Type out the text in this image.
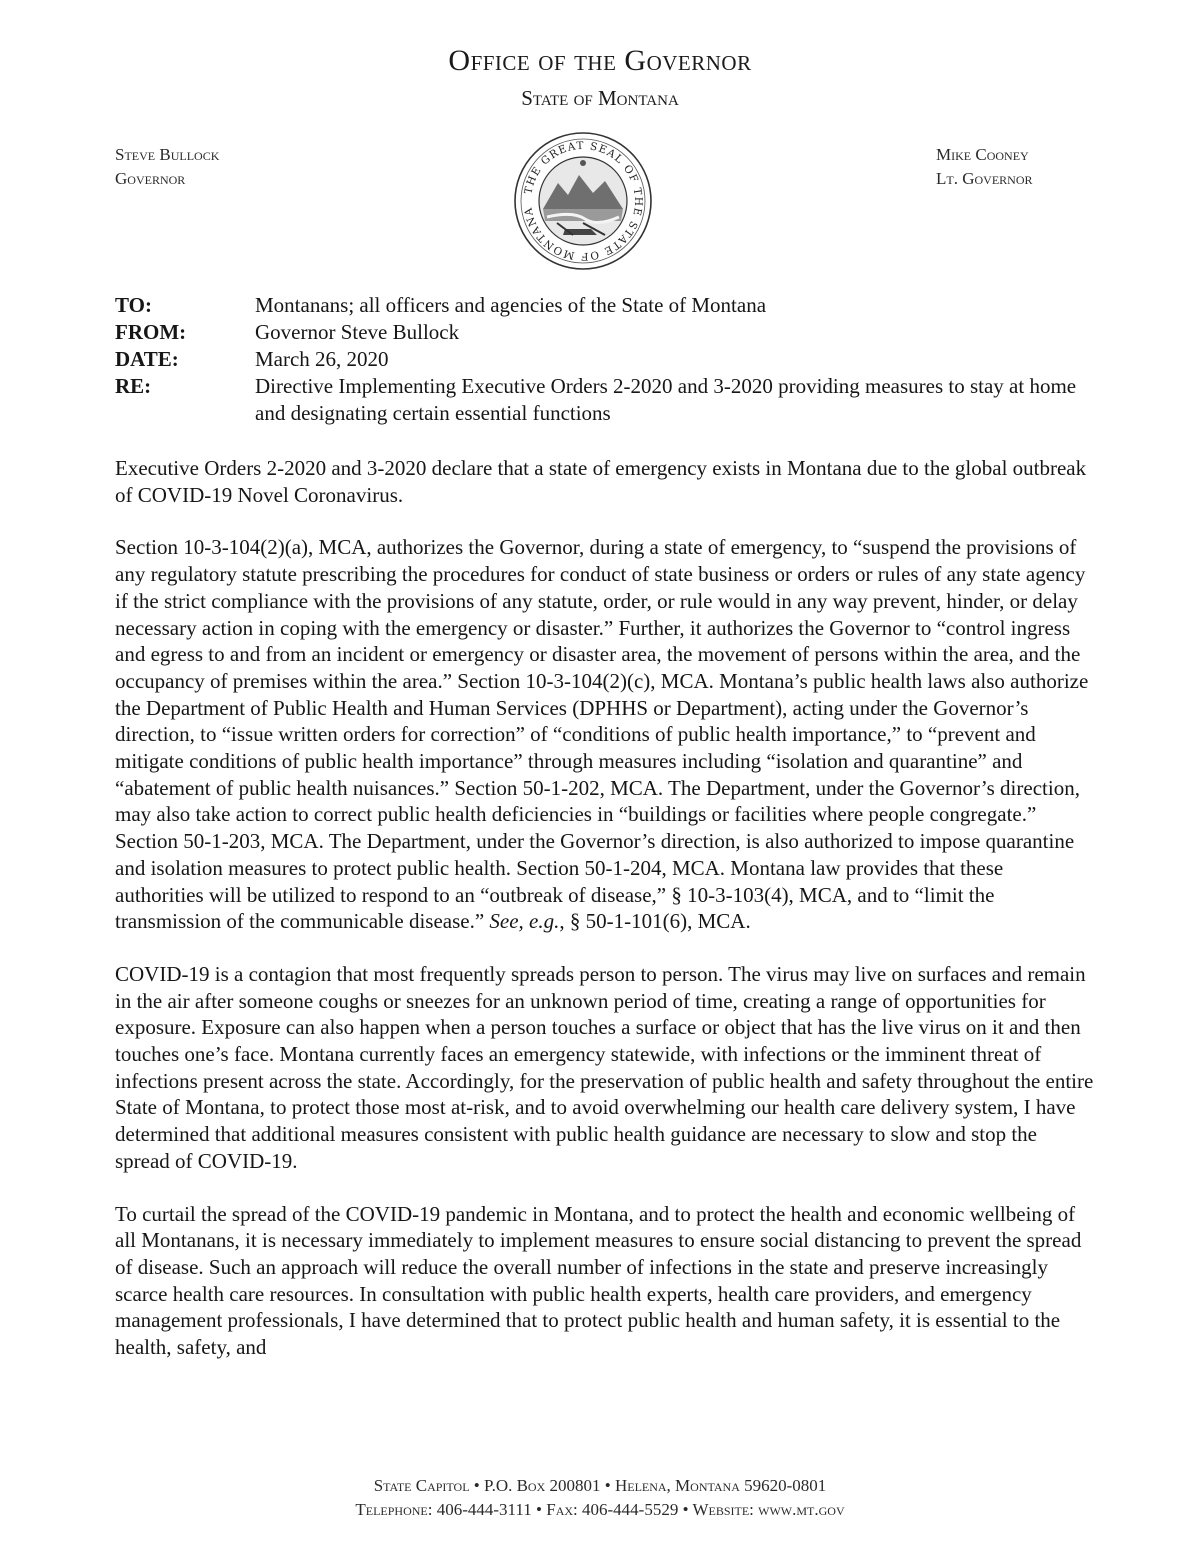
Office of the Governor
State of Montana
Steve Bullock
Governor
THE GREAT SEAL OF THE STATE OF MONTANA
Mike Cooney
Lt. Governor
TO:	Montanans; all officers and agencies of the State of Montana
FROM:	Governor Steve Bullock
DATE:	March 26, 2020
RE:	Directive Implementing Executive Orders 2-2020 and 3-2020 providing measures to stay at home and designating certain essential functions

Executive Orders 2-2020 and 3-2020 declare that a state of emergency exists in Montana due to the global outbreak of COVID-19 Novel Coronavirus.

Section 10-3-104(2)(a), MCA, authorizes the Governor, during a state of emergency, to “suspend the provisions of any regulatory statute prescribing the procedures for conduct of state business or orders or rules of any state agency if the strict compliance with the provisions of any statute, order, or rule would in any way prevent, hinder, or delay necessary action in coping with the emergency or disaster.” Further, it authorizes the Governor to “control ingress and egress to and from an incident or emergency or disaster area, the movement of persons within the area, and the occupancy of premises within the area.” Section 10-3-104(2)(c), MCA. Montana’s public health laws also authorize the Department of Public Health and Human Services (DPHHS or Department), acting under the Governor’s direction, to “issue written orders for correction” of “conditions of public health importance,” to “prevent and mitigate conditions of public health importance” through measures including “isolation and quarantine” and “abatement of public health nuisances.” Section 50-1-202, MCA. The Department, under the Governor’s direction, may also take action to correct public health deficiencies in “buildings or facilities where people congregate.” Section 50-1-203, MCA. The Department, under the Governor’s direction, is also authorized to impose quarantine and isolation measures to protect public health. Section 50-1-204, MCA. Montana law provides that these authorities will be utilized to respond to an “outbreak of disease,” § 10-3-103(4), MCA, and to “limit the transmission of the communicable disease.” See, e.g., § 50-1-101(6), MCA.

COVID-19 is a contagion that most frequently spreads person to person. The virus may live on surfaces and remain in the air after someone coughs or sneezes for an unknown period of time, creating a range of opportunities for exposure. Exposure can also happen when a person touches a surface or object that has the live virus on it and then touches one’s face. Montana currently faces an emergency statewide, with infections or the imminent threat of infections present across the state. Accordingly, for the preservation of public health and safety throughout the entire State of Montana, to protect those most at-risk, and to avoid overwhelming our health care delivery system, I have determined that additional measures consistent with public health guidance are necessary to slow and stop the spread of COVID-19.

To curtail the spread of the COVID-19 pandemic in Montana, and to protect the health and economic wellbeing of all Montanans, it is necessary immediately to implement measures to ensure social distancing to prevent the spread of disease. Such an approach will reduce the overall number of infections in the state and preserve increasingly scarce health care resources. In consultation with public health experts, health care providers, and emergency management professionals, I have determined that to protect public health and human safety, it is essential to the health, safety, and

State Capitol • P.O. Box 200801 • Helena, Montana 59620-0801
Telephone: 406-444-3111 • Fax: 406-444-5529 • Website: www.mt.gov
